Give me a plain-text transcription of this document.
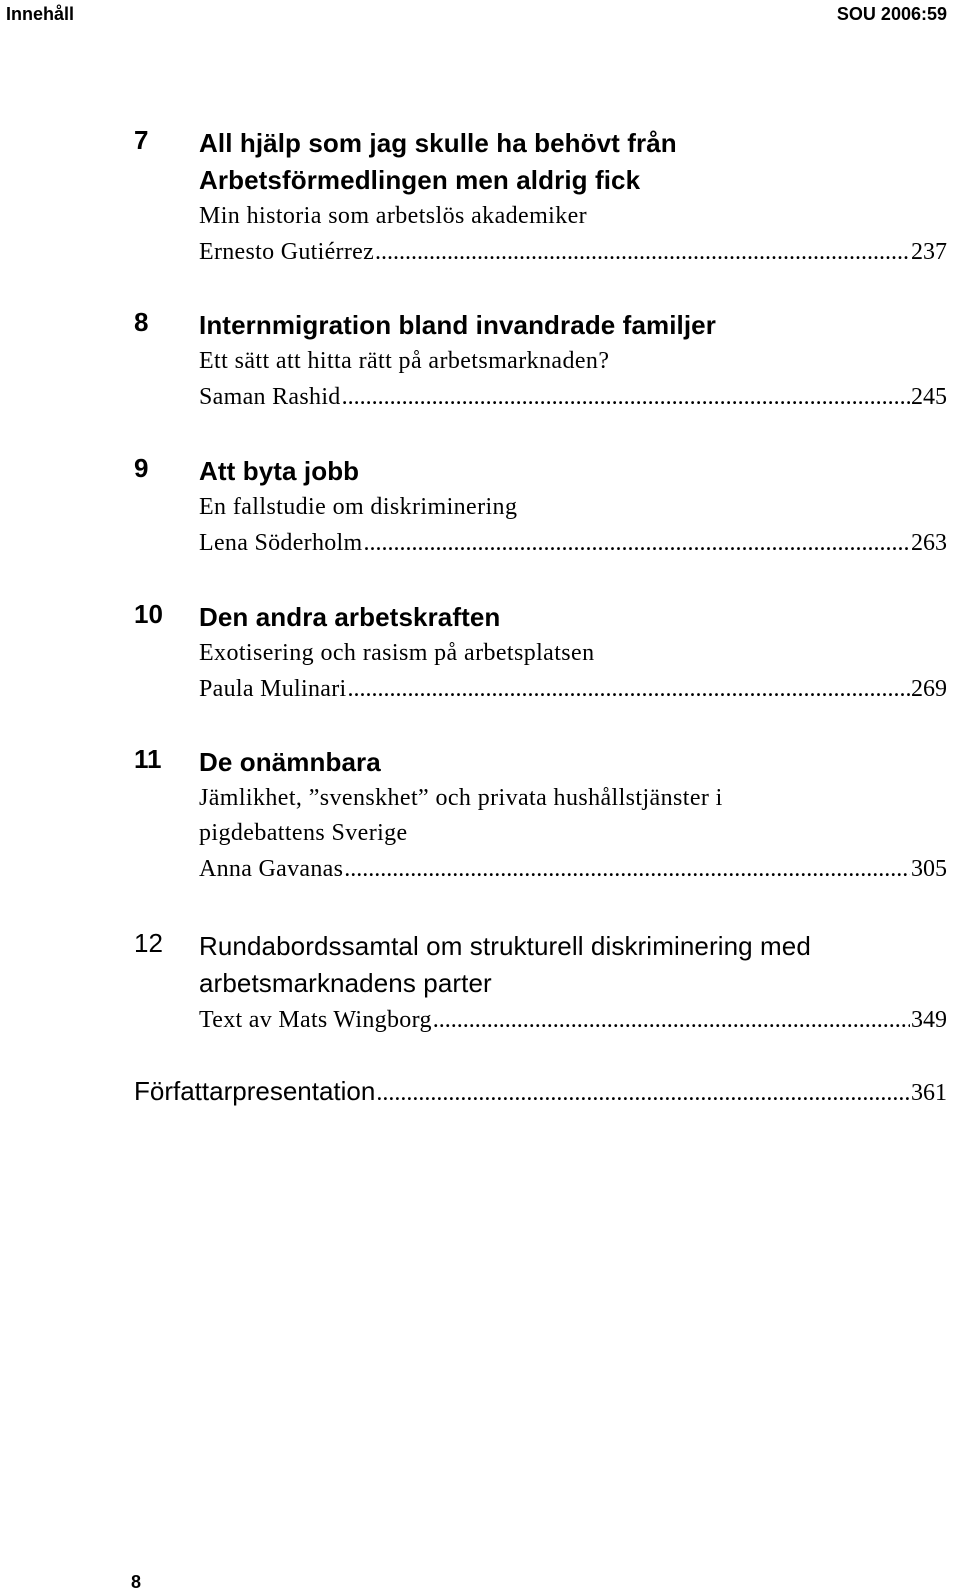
Innehåll	SOU 2006:59
7 All hjälp som jag skulle ha behövt från
Arbetsförmedlingen men aldrig fick
Min historia som arbetslös akademiker
Ernesto Gutiérrez .....	237
8 Internmigration bland invandrade familjer
Ett sätt att hitta rätt på arbetsmarknaden?
Saman Rashid .....	245
9 Att byta jobb
En fallstudie om diskriminering
Lena Söderholm .....	263
10 Den andra arbetskraften
Exotisering och rasism på arbetsplatsen
Paula Mulinari .....	269
11 De onämnbara
Jämlikhet, ”svenskhet” och privata hushållstjänster i
pigdebattens Sverige
Anna Gavanas .....	305
12 Rundabordssamtal om strukturell diskriminering med
arbetsmarknadens parter
Text av Mats Wingborg .....	349
Författarpresentation .....	361
8
